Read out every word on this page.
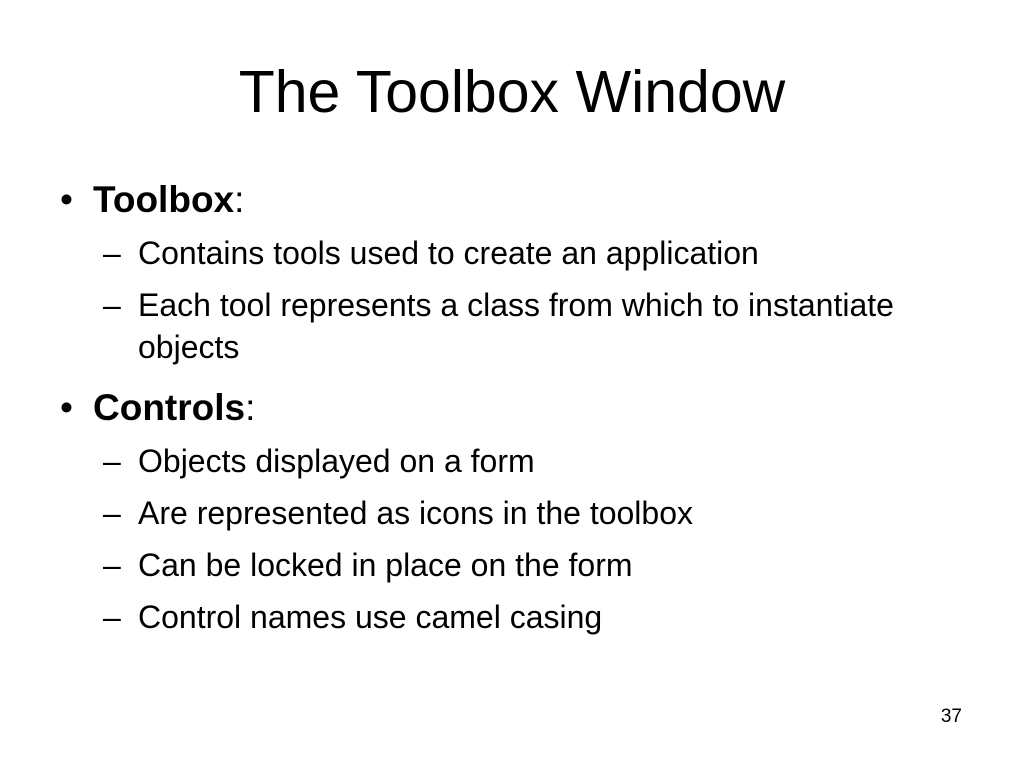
The Toolbox Window
• Toolbox:
– Contains tools used to create an application
– Each tool represents a class from which to instantiate objects
• Controls:
– Objects displayed on a form
– Are represented as icons in the toolbox
– Can be locked in place on the form
– Control names use camel casing
37
